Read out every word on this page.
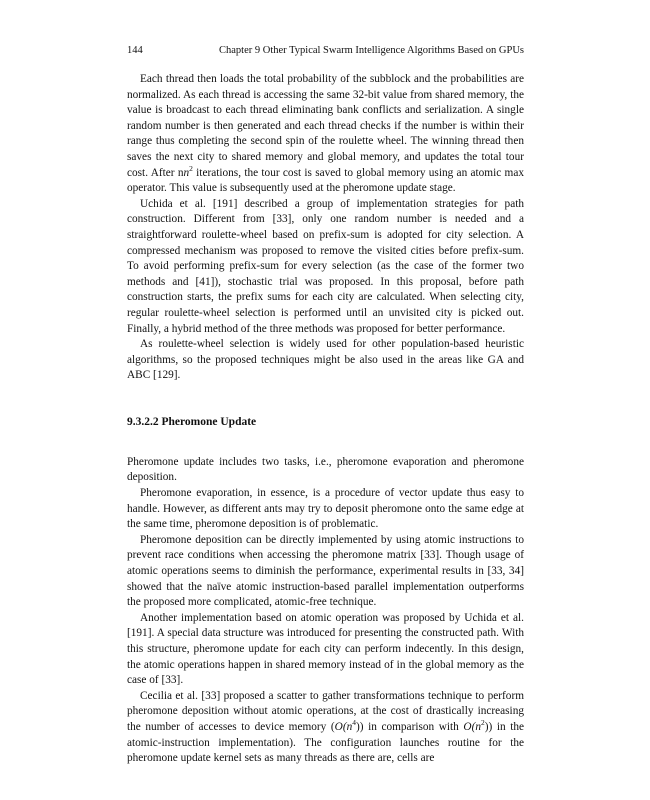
144	Chapter 9 Other Typical Swarm Intelligence Algorithms Based on GPUs

Each thread then loads the total probability of the subblock and the probabilities are normalized. As each thread is accessing the same 32-bit value from shared memory, the value is broadcast to each thread eliminating bank conflicts and serialization. A single random number is then generated and each thread checks if the number is within their range thus completing the second spin of the roulette wheel. The winning thread then saves the next city to shared memory and global memory, and updates the total tour cost. After $nn^2$ iterations, the tour cost is saved to global memory using an atomic max operator. This value is subsequently used at the pheromone update stage.

Uchida et al. [191] described a group of implementation strategies for path construction. Different from [33], only one random number is needed and a straightforward roulette-wheel based on prefix-sum is adopted for city selection. A compressed mechanism was proposed to remove the visited cities before prefix-sum. To avoid performing prefix-sum for every selection (as the case of the former two methods and [41]), stochastic trial was proposed. In this proposal, before path construction starts, the prefix sums for each city are calculated. When selecting city, regular roulette-wheel selection is performed until an unvisited city is picked out. Finally, a hybrid method of the three methods was proposed for better performance.

As roulette-wheel selection is widely used for other population-based heuristic algorithms, so the proposed techniques might be also used in the areas like GA and ABC [129].

9.3.2.2 Pheromone Update

Pheromone update includes two tasks, i.e., pheromone evaporation and pheromone deposition.

Pheromone evaporation, in essence, is a procedure of vector update thus easy to handle. However, as different ants may try to deposit pheromone onto the same edge at the same time, pheromone deposition is of problematic.

Pheromone deposition can be directly implemented by using atomic instructions to prevent race conditions when accessing the pheromone matrix [33]. Though usage of atomic operations seems to diminish the performance, experimental results in [33, 34] showed that the naïve atomic instruction-based parallel implementation outperforms the proposed more complicated, atomic-free technique.

Another implementation based on atomic operation was proposed by Uchida et al. [191]. A special data structure was introduced for presenting the constructed path. With this structure, pheromone update for each city can perform indecently. In this design, the atomic operations happen in shared memory instead of in the global memory as the case of [33].

Cecilia et al. [33] proposed a scatter to gather transformations technique to perform pheromone deposition without atomic operations, at the cost of drastically increasing the number of accesses to device memory $(O(n^4))$ in comparison with $O(n^2)$) in the atomic-instruction implementation). The configuration launches routine for the pheromone update kernel sets as many threads as there are, cells are
